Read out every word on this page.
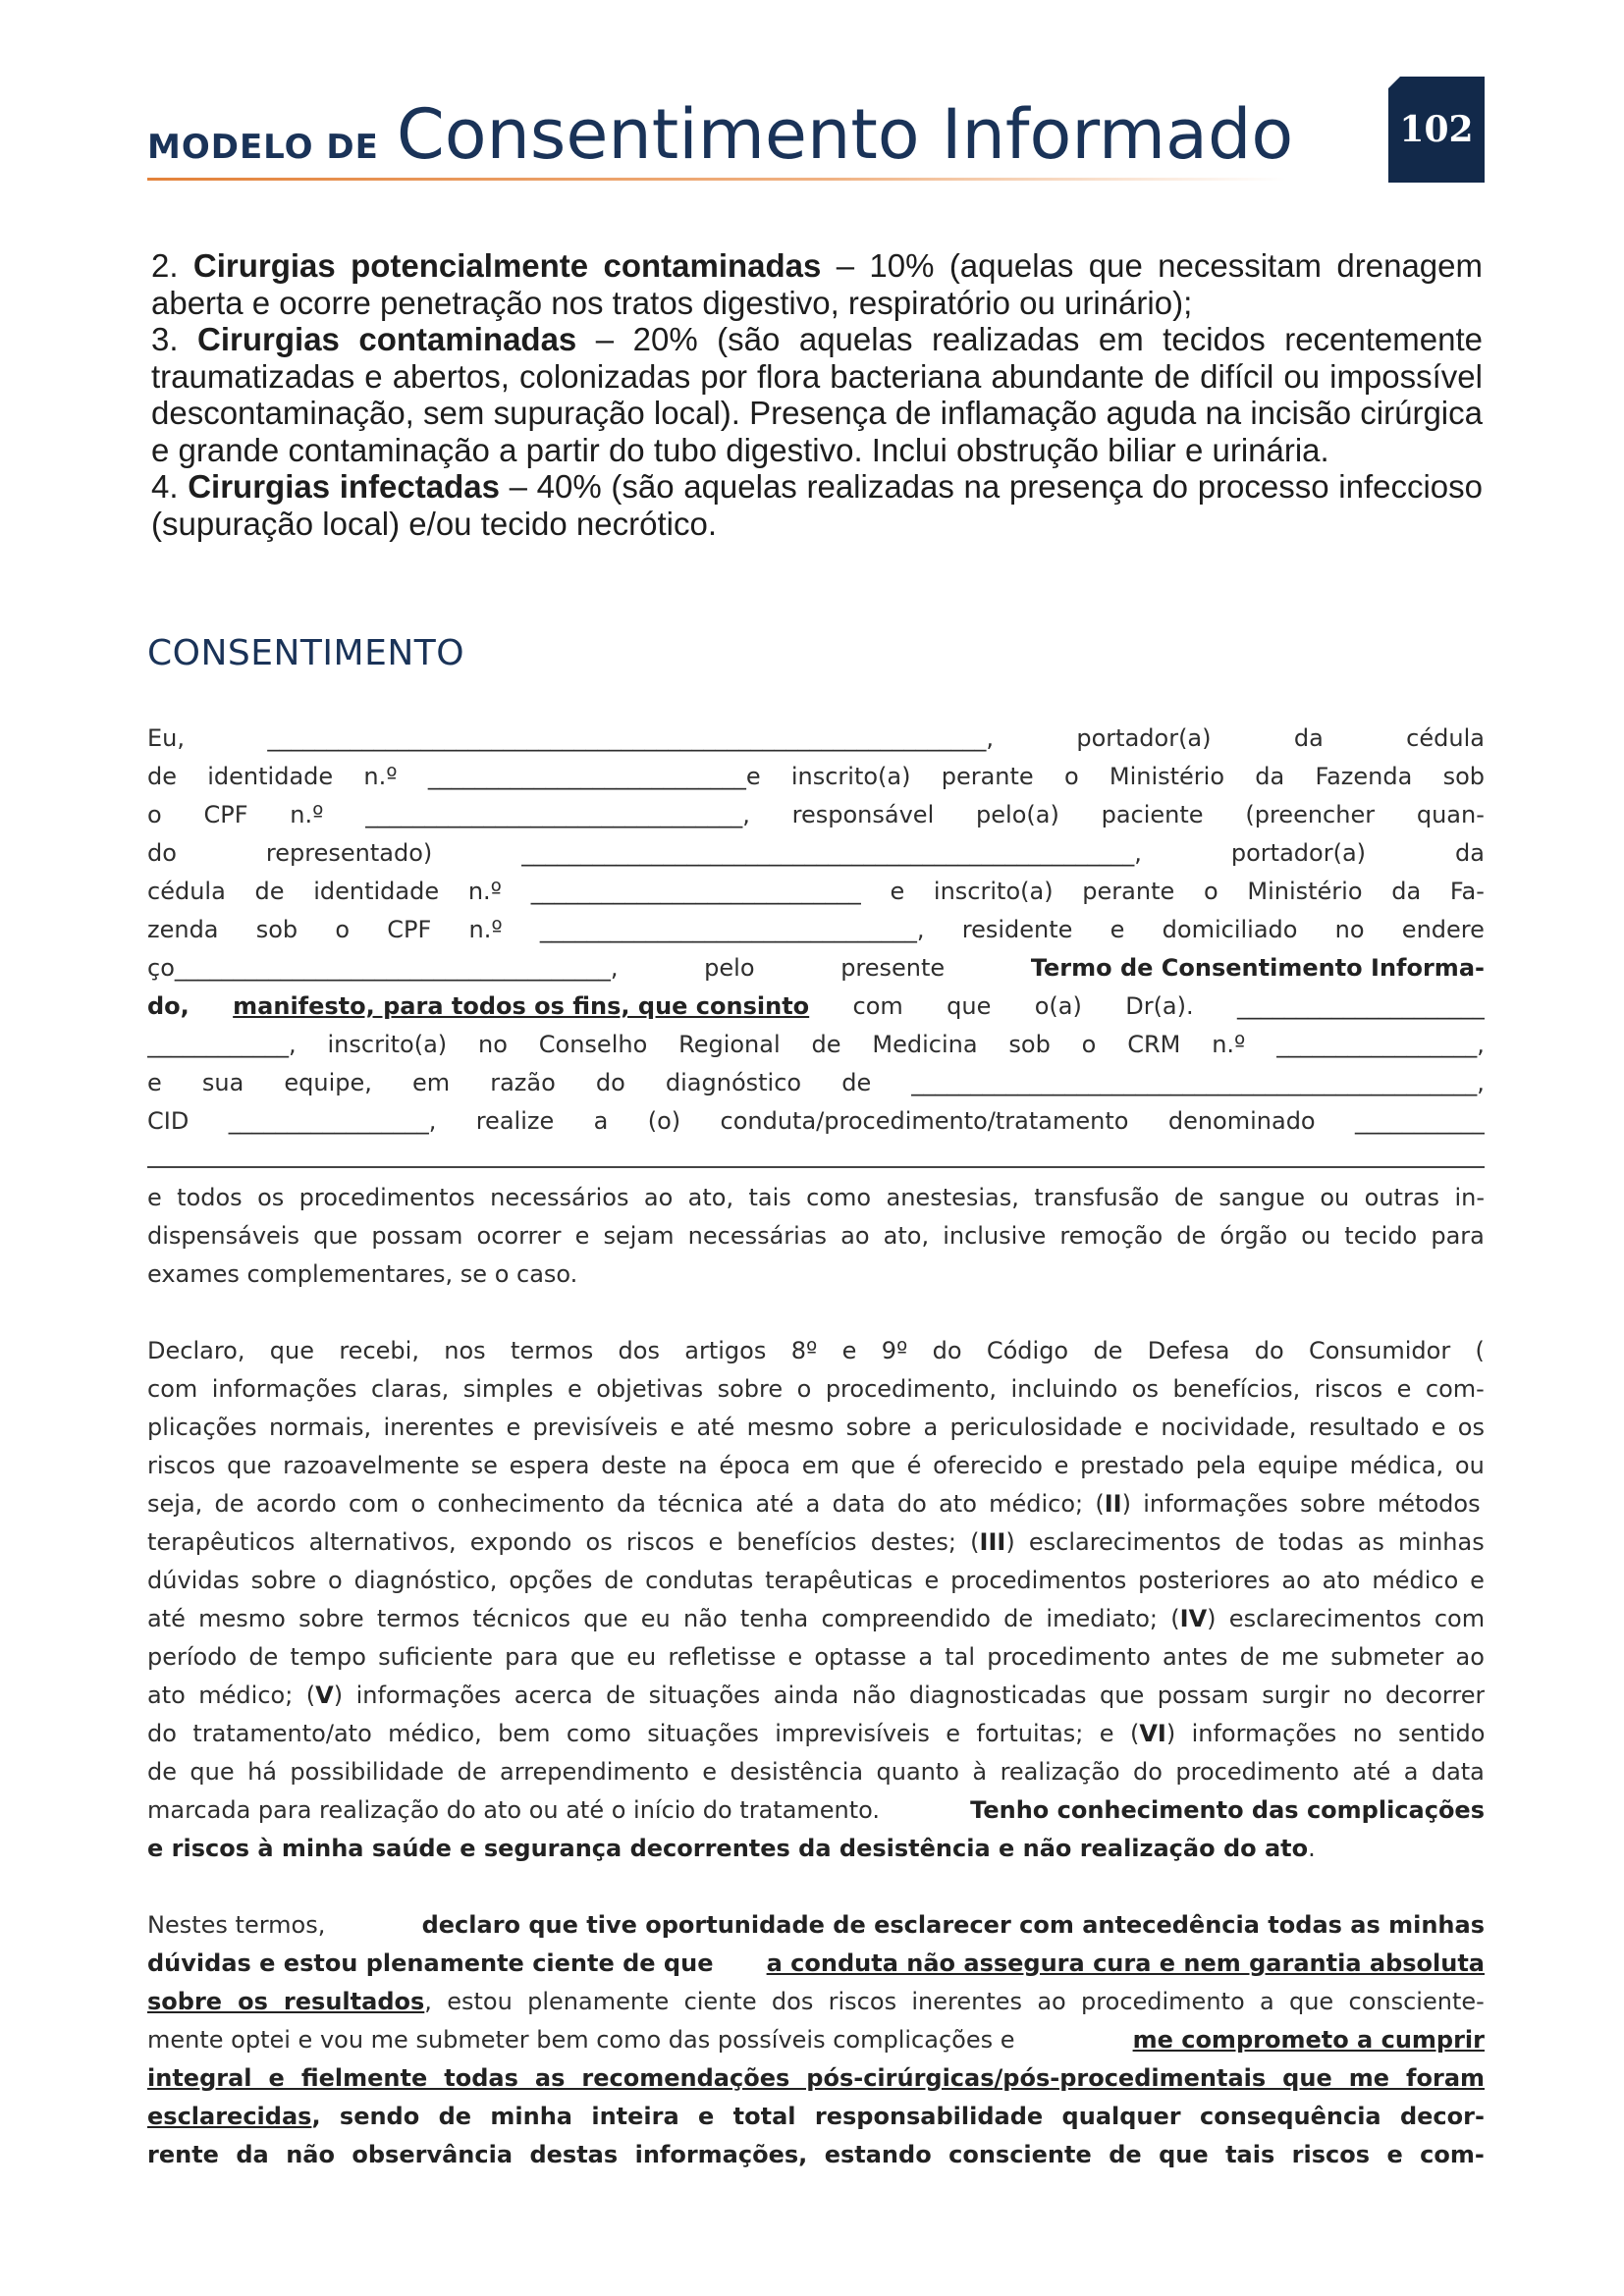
MODELO DE Consentimento Informado	102

2. Cirurgias potencialmente contaminadas – 10% (aquelas que necessitam drenagem aberta e ocorre penetração nos tratos digestivo, respiratório ou urinário);

3. Cirurgias contaminadas – 20% (são aquelas realizadas em tecidos recentemente traumatizadas e abertos, colonizadas por flora bacteriana abundante de difícil ou impossível descontaminação, sem supuração local). Presença de inflamação aguda na incisão cirúrgica e grande contaminação a partir do tubo digestivo. Inclui obstrução biliar e urinária.

4. Cirurgias infectadas – 40% (são aquelas realizadas na presença do processo infeccioso (supuração local) e/ou tecido necrótico.

CONSENTIMENTO
Eu,	_____________________________________________________________,	portador(a)	da	cédula
de identidade n.º ___________________________e inscrito(a) perante o Ministério da Fazenda sob
o CPF n.º ________________________________, responsável pelo(a) paciente (preencher quan-
do	representado)	____________________________________________________,	portador(a)	da
cédula de identidade n.º ____________________________ e inscrito(a) perante o Ministério da Fa-
zenda sob o CPF n.º ________________________________, residente e domiciliado no endere
ço_____________________________________,	pelo	presente	Termo de Consentimento Informa-
do, manifesto, para todos os fins, que consinto com que o(a) Dr(a). _____________________
____________, inscrito(a) no Conselho Regional de Medicina sob o CRM n.º _________________,
e sua equipe, em razão do diagnóstico de ________________________________________________,
CID _________________, realize a (o) conduta/procedimento/tratamento denominado ___________
e todos os procedimentos necessários ao ato, tais como anestesias, transfusão de sangue ou outras in-
dispensáveis que possam ocorrer e sejam necessárias ao ato, inclusive remoção de órgão ou tecido para
exames complementares, se o caso.
Declaro, que recebi, nos termos dos artigos 8º e 9º do Código de Defesa do Consumidor (
com informações claras, simples e objetivas sobre o procedimento, incluindo os benefícios, riscos e com-
plicações normais, inerentes e previsíveis e até mesmo sobre a periculosidade e nocividade, resultado e os
riscos que razoavelmente se espera deste na época em que é oferecido e prestado pela equipe médica, ou
seja, de acordo com o conhecimento da técnica até a data do ato médico; (II) informações sobre métodos
terapêuticos alternativos, expondo os riscos e benefícios destes; (III) esclarecimentos de todas as minhas
dúvidas sobre o diagnóstico, opções de condutas terapêuticas e procedimentos posteriores ao ato médico e
até mesmo sobre termos técnicos que eu não tenha compreendido de imediato; (IV) esclarecimentos com
período de tempo suficiente para que eu refletisse e optasse a tal procedimento antes de me submeter ao
ato médico; (V) informações acerca de situações ainda não diagnosticadas que possam surgir no decorrer
do tratamento/ato médico, bem como situações imprevisíveis e fortuitas; e (VI) informações no sentido
de que há possibilidade de arrependimento e desistência quanto à realização do procedimento até a data
marcada para realização do ato ou até o início do tratamento.	Tenho conhecimento das complicações
e riscos à minha saúde e segurança decorrentes da desistência e não realização do ato.
Nestes termos,	declaro que tive oportunidade de esclarecer com antecedência todas as minhas
dúvidas e estou plenamente ciente de que a conduta não assegura cura e nem garantia absoluta
sobre os resultados, estou plenamente ciente dos riscos inerentes ao procedimento a que consciente-
mente optei e vou me submeter bem como das possíveis complicações e	me comprometo a cumprir
integral e fielmente todas as recomendações pós-cirúrgicas/pós-procedimentais que me foram
esclarecidas, sendo de minha inteira e total responsabilidade qualquer consequência decor-
rente da não observância destas informações, estando consciente de que tais riscos e com-
